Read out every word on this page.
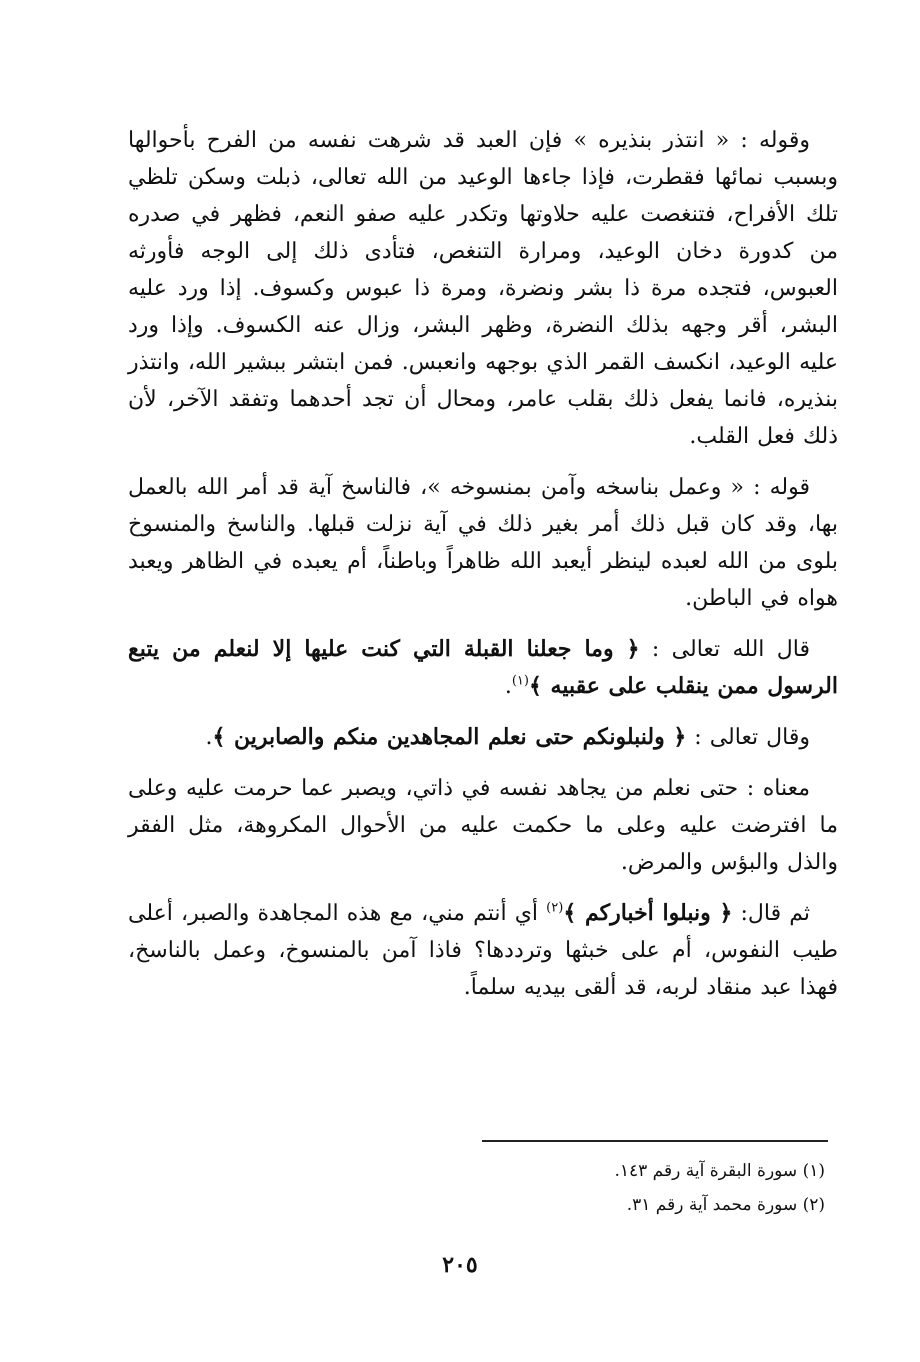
وقوله : « انتذر بنذيره » فإن العبد قد شرهت نفسه من الفرح بأحوالها وبسبب نمائها فقطرت، فإذا جاءها الوعيد من الله تعالى، ذبلت وسكن تلظي تلك الأفراح، فتنغصت عليه حلاوتها وتكدر عليه صفو النعم، فظهر في صدره من كدورة دخان الوعيد، ومرارة التنغص، فتأدى ذلك إلى الوجه فأورثه العبوس، فتجده مرة ذا بشر ونضرة، ومرة ذا عبوس وكسوف. إذا ورد عليه البشر، أقر وجهه بذلك النضرة، وظهر البشر، وزال عنه الكسوف. وإذا ورد عليه الوعيد، انكسف القمر الذي بوجهه وانعبس. فمن ابتشر ببشير الله، وانتذر بنذيره، فانما يفعل ذلك بقلب عامر، ومحال أن تجد أحدهما وتفقد الآخر، لأن ذلك فعل القلب.

قوله : « وعمل بناسخه وآمن بمنسوخه »، فالناسخ آية قد أمر الله بالعمل بها، وقد كان قبل ذلك أمر بغير ذلك في آية نزلت قبلها. والناسخ والمنسوخ بلوى من الله لعبده لينظر أيعبد الله ظاهراً وباطناً، أم يعبده في الظاهر ويعبد هواه في الباطن.

قال الله تعالى : ﴿ وما جعلنا القبلة التي كنت عليها إلا لنعلم من يتبع الرسول ممن ينقلب على عقبيه ﴾$^{(١)}$.

وقال تعالى : ﴿ ولنبلونكم حتى نعلم المجاهدين منكم والصابرين ﴾.

معناه : حتى نعلم من يجاهد نفسه في ذاتي، ويصبر عما حرمت عليه وعلى ما افترضت عليه وعلى ما حكمت عليه من الأحوال المكروهة، مثل الفقر والذل والبؤس والمرض.

ثم قال: ﴿ ونبلوا أخباركم ﴾$^{(٢)}$ أي أنتم مني، مع هذه المجاهدة والصبر، أعلى طيب النفوس، أم على خبثها وترددها؟ فاذا آمن بالمنسوخ، وعمل بالناسخ، فهذا عبد منقاد لربه، قد ألقى بيديه سلماً.

(١) سورة البقرة آية رقم ١٤٣.

(٢) سورة محمد آية رقم ٣١.

٢٠٥
